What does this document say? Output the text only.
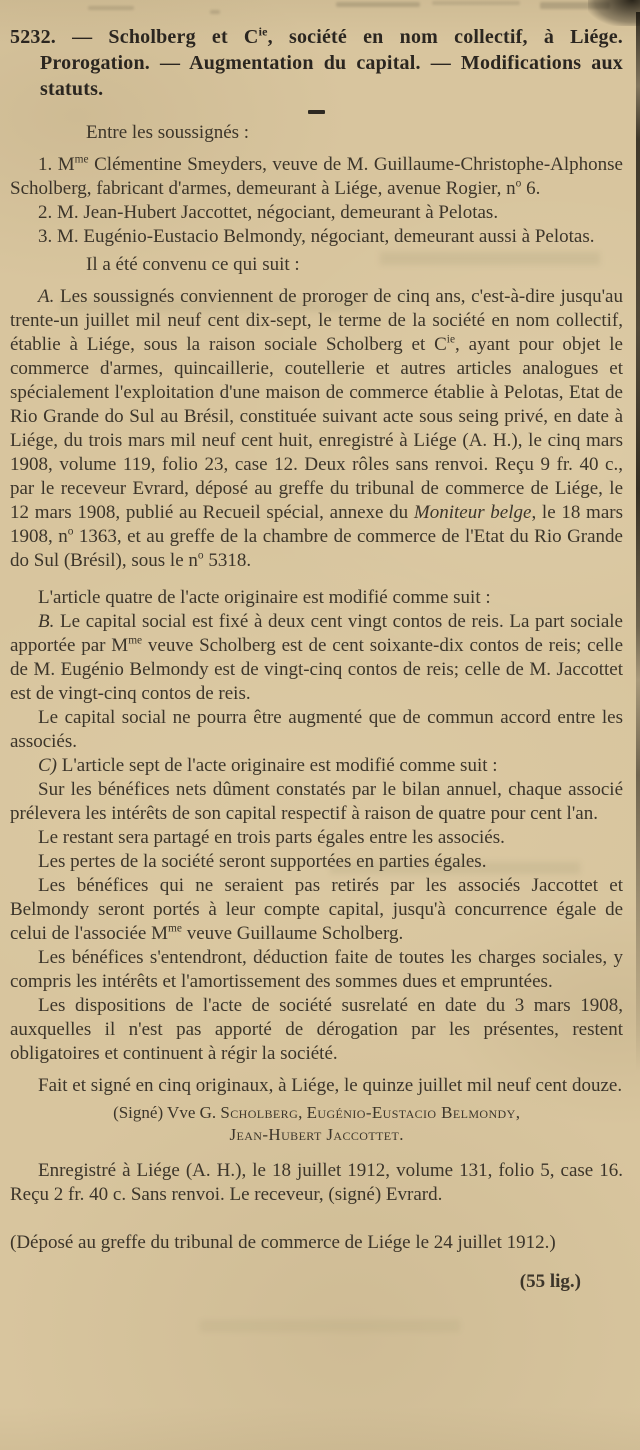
5232. — Scholberg et $C^{ie}$, société en nom collectif, à Liége. Prorogation. — Augmentation du capital. — Modifications aux statuts.

Entre les soussignés :

1. $M^{me}$ Clémentine Smeyders, veuve de M. Guillaume-Christophe-Alphonse Scholberg, fabricant d'armes, demeurant à Liége, avenue Rogier, $n^o$ 6.

2. M. Jean-Hubert Jaccottet, négociant, demeurant à Pelotas.

3. M. Eugénio-Eustacio Belmondy, négociant, demeurant aussi à Pelotas.

Il a été convenu ce qui suit :

A. Les soussignés conviennent de proroger de cinq ans, c'est-à-dire jusqu'au trente-un juillet mil neuf cent dix-sept, le terme de la société en nom collectif, établie à Liége, sous la raison sociale Scholberg et $C^{ie}$, ayant pour objet le commerce d'armes, quincaillerie, coutellerie et autres articles analogues et spécialement l'exploitation d'une maison de commerce établie à Pelotas, Etat de Rio Grande do Sul au Brésil, constituée suivant acte sous seing privé, en date à Liége, du trois mars mil neuf cent huit, enregistré à Liége (A. H.), le cinq mars 1908, volume 119, folio 23, case 12. Deux rôles sans renvoi. Reçu 9 fr. 40 c., par le receveur Evrard, déposé au greffe du tribunal de commerce de Liége, le 12 mars 1908, publié au Recueil spécial, annexe du Moniteur belge, le 18 mars 1908, $n^o$ 1363, et au greffe de la chambre de commerce de l'Etat du Rio Grande do Sul (Brésil), sous le $n^o$ 5318.

L'article quatre de l'acte originaire est modifié comme suit :

B. Le capital social est fixé à deux cent vingt contos de reis. La part sociale apportée par $M^{me}$ veuve Scholberg est de cent soixante-dix contos de reis; celle de M. Eugénio Belmondy est de vingt-cinq contos de reis; celle de M. Jaccottet est de vingt-cinq contos de reis.

Le capital social ne pourra être augmenté que de commun accord entre les associés.

C) L'article sept de l'acte originaire est modifié comme suit :

Sur les bénéfices nets dûment constatés par le bilan annuel, chaque associé prélevera les intérêts de son capital respectif à raison de quatre pour cent l'an.

Le restant sera partagé en trois parts égales entre les associés.

Les pertes de la société seront supportées en parties égales.

Les bénéfices qui ne seraient pas retirés par les associés Jaccottet et Belmondy seront portés à leur compte capital, jusqu'à concurrence égale de celui de l'associée $M^{me}$ veuve Guillaume Scholberg.

Les bénéfices s'entendront, déduction faite de toutes les charges sociales, y compris les intérêts et l'amortissement des sommes dues et empruntées.

Les dispositions de l'acte de société susrelaté en date du 3 mars 1908, auxquelles il n'est pas apporté de dérogation par les présentes, restent obligatoires et continuent à régir la société.

Fait et signé en cinq originaux, à Liége, le quinze juillet mil neuf cent douze.

(Signé) Vve G. Scholberg, Eugénio-Eustacio Belmondy,

Jean-Hubert Jaccottet.

Enregistré à Liége (A. H.), le 18 juillet 1912, volume 131, folio 5, case 16. Reçu 2 fr. 40 c. Sans renvoi. Le receveur, (signé) Evrard.

(Déposé au greffe du tribunal de commerce de Liége le 24 juillet 1912.)

(55 lig.)
